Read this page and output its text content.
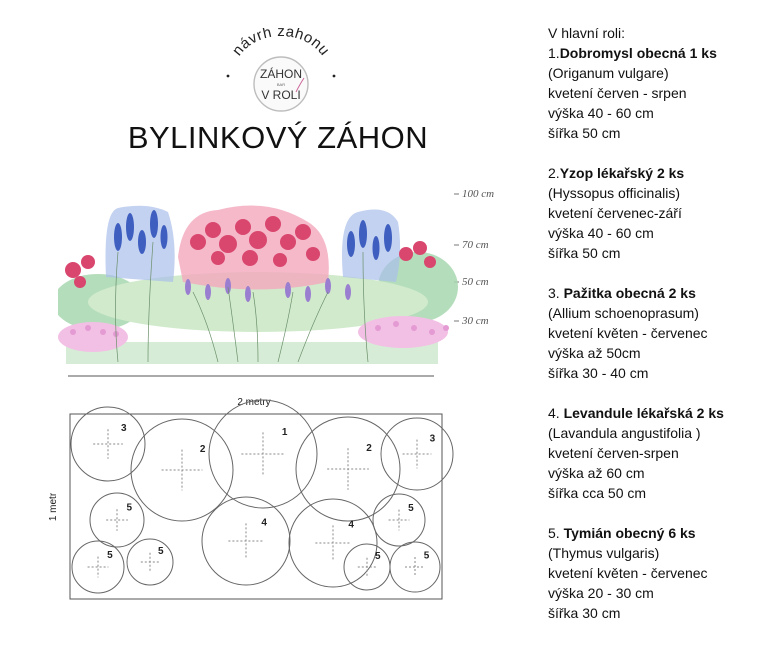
návrh záhonu
ZÁHON
BAR
V ROLI
BYLINKOVÝ ZÁHON
100 cm
70 cm
50 cm
30 cm
2 metry
1 metr
3
2
1
2
3
5
4	4
5
5	5	5	5
V hlavní roli:
1.Dobromysl obecná 1 ks
(Origanum vulgare)
kvetení červen - srpen
výška 40 - 60 cm
šířka 50 cm
2.Yzop lékařský 2 ks
(Hyssopus officinalis)
kvetení červenec-září
výška 40 - 60 cm
šířka 50 cm
3. Pažitka obecná 2 ks
(Allium schoenoprasum)
kvetení květen - červenec
výška až 50cm
šířka 30 - 40 cm
4. Levandule lékařská 2 ks
(Lavandula angustifolia )
kvetení červen-srpen
výška až 60 cm
šířka cca 50 cm
5. Tymián obecný 6 ks
(Thymus vulgaris)
kvetení květen - červenec
výška 20 - 30 cm
šířka 30 cm
